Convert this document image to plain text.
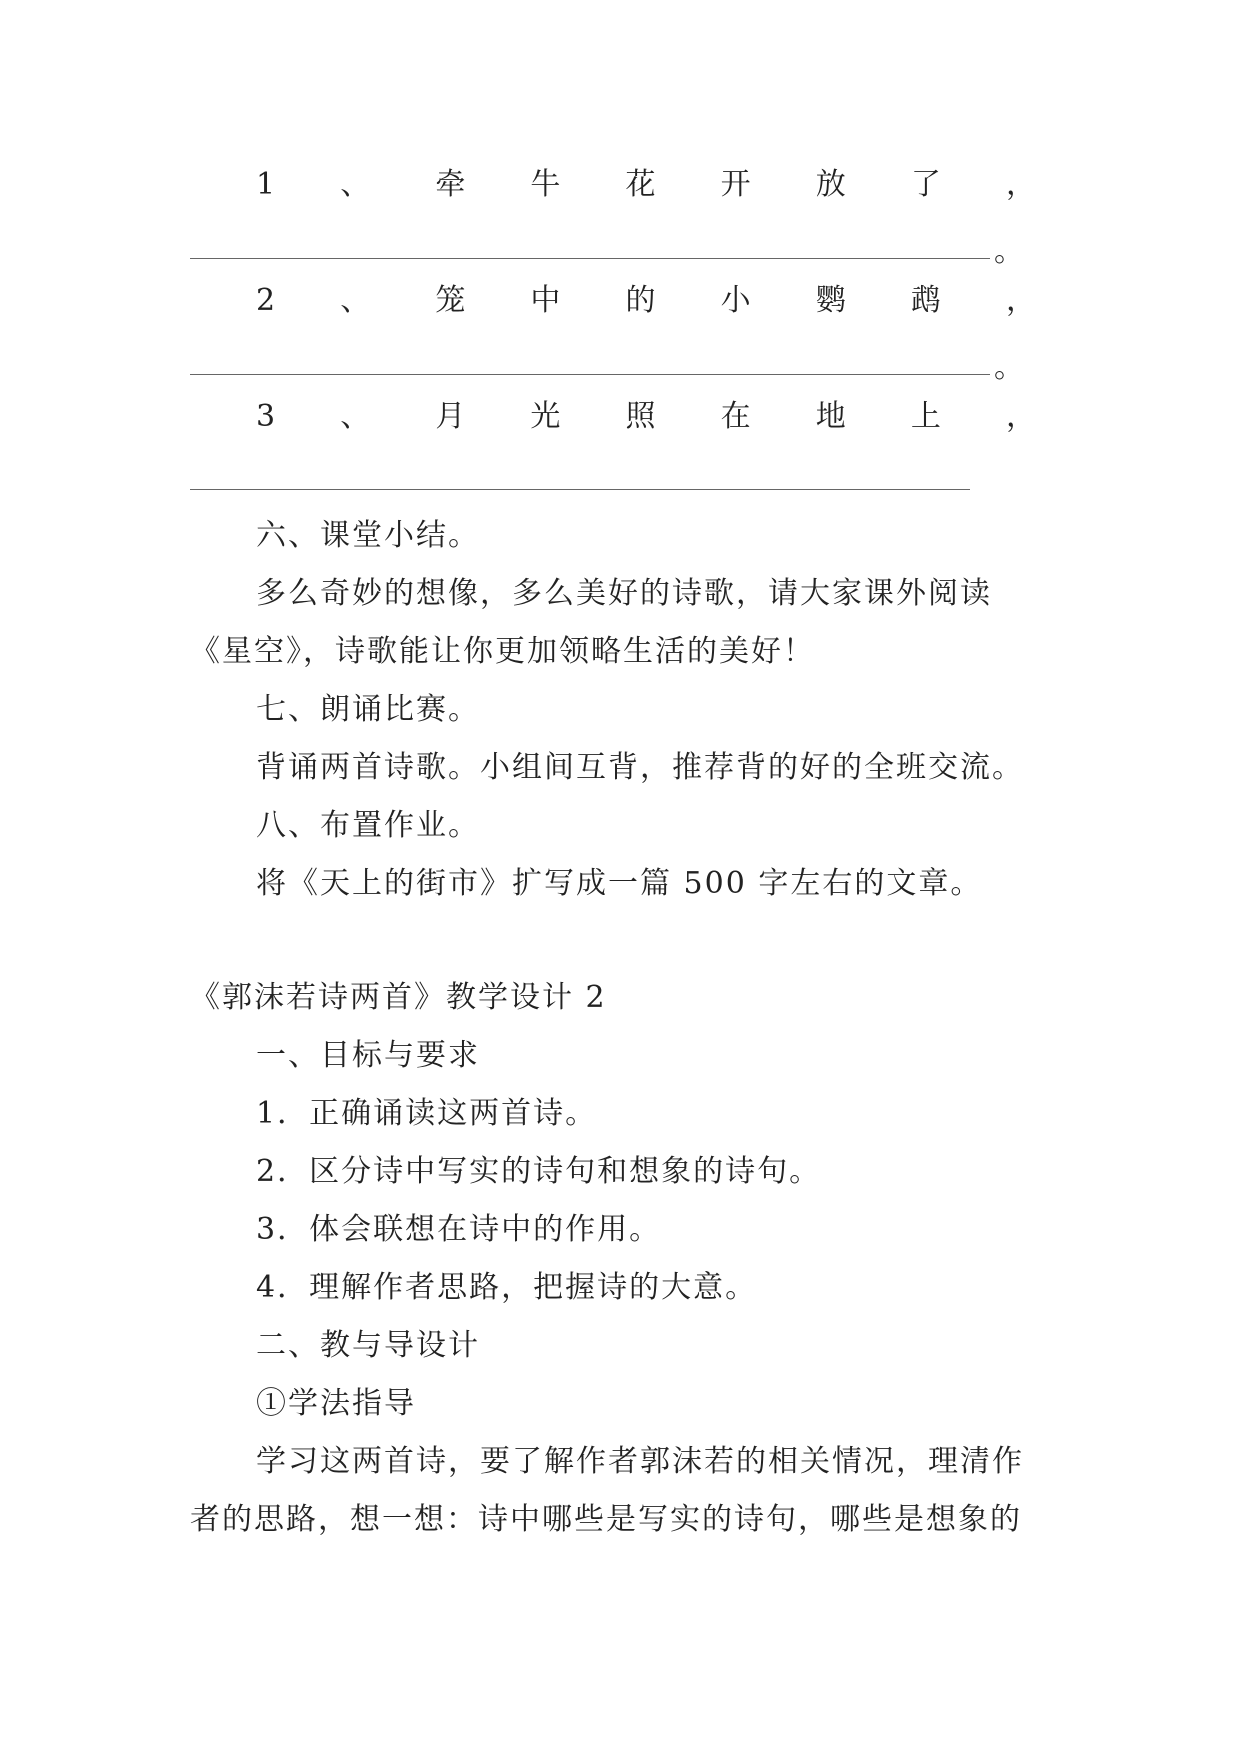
1 、 牵 牛 花 开 放 了 ，
。
2 、 笼 中 的 小 鹦 鹉 ，
。
3 、 月 光 照 在 地 上 ，
六、课堂小结。
多么奇妙的想像，多么美好的诗歌，请大家课外阅读
《星空》，诗歌能让你更加领略生活的美好！
七、朗诵比赛。
背诵两首诗歌。小组间互背，推荐背的好的全班交流。
八、布置作业。
将《天上的街市》扩写成一篇 500 字左右的文章。
《郭沫若诗两首》教学设计 2
一、目标与要求
1．正确诵读这两首诗。
2．区分诗中写实的诗句和想象的诗句。
3．体会联想在诗中的作用。
4．理解作者思路，把握诗的大意。
二、教与导设计
①学法指导
学习这两首诗，要了解作者郭沫若的相关情况，理清作
者的思路，想一想：诗中哪些是写实的诗句，哪些是想象的
